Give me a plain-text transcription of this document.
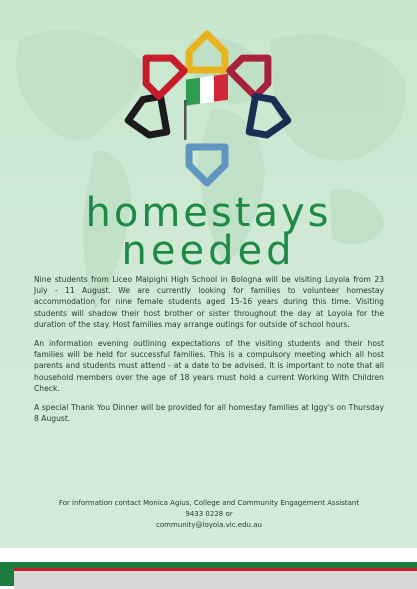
homestays
needed

Nine students from Liceo Malpighi High School in Bologna will be visiting Loyola from 23 July - 11 August. We are currently looking for families to volunteer homestay accommodation for nine female students aged 15-16 years during this time. Visiting students will shadow their host brother or sister throughout the day at Loyola for the duration of the stay. Host families may arrange outings for outside of school hours.

An information evening outlining expectations of the visiting students and their host families will be held for successful families. This is a compulsory meeting which all host parents and students must attend - at a date to be advised. It is important to note that all household members over the age of 18 years must hold a current Working With Children Check.

A special Thank You Dinner will be provided for all homestay families at Iggy's on Thursday 8 August.

For information contact Monica Agius, College and Community Engagement Assistant
9433 0228 or
community@loyola.vic.edu.au
